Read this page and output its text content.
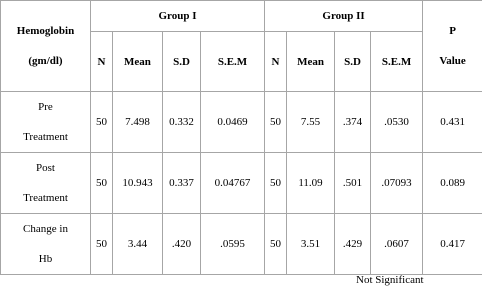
Hemoglobin
(gm/dl)	Group I				Group II				P
Value

	N	Mean	S.D	S.E.M	N	Mean	S.D	S.E.M	

Pre
Treatment	50	7.498	0.332	0.0469	50	7.55	.374	.0530	0.431

Post
Treatment	50	10.943	0.337	0.04767	50	11.09	.501	.07093	0.089

Change in
Hb	50	3.44	.420	.0595	50	3.51	.429	.0607	0.417
Not Significant
